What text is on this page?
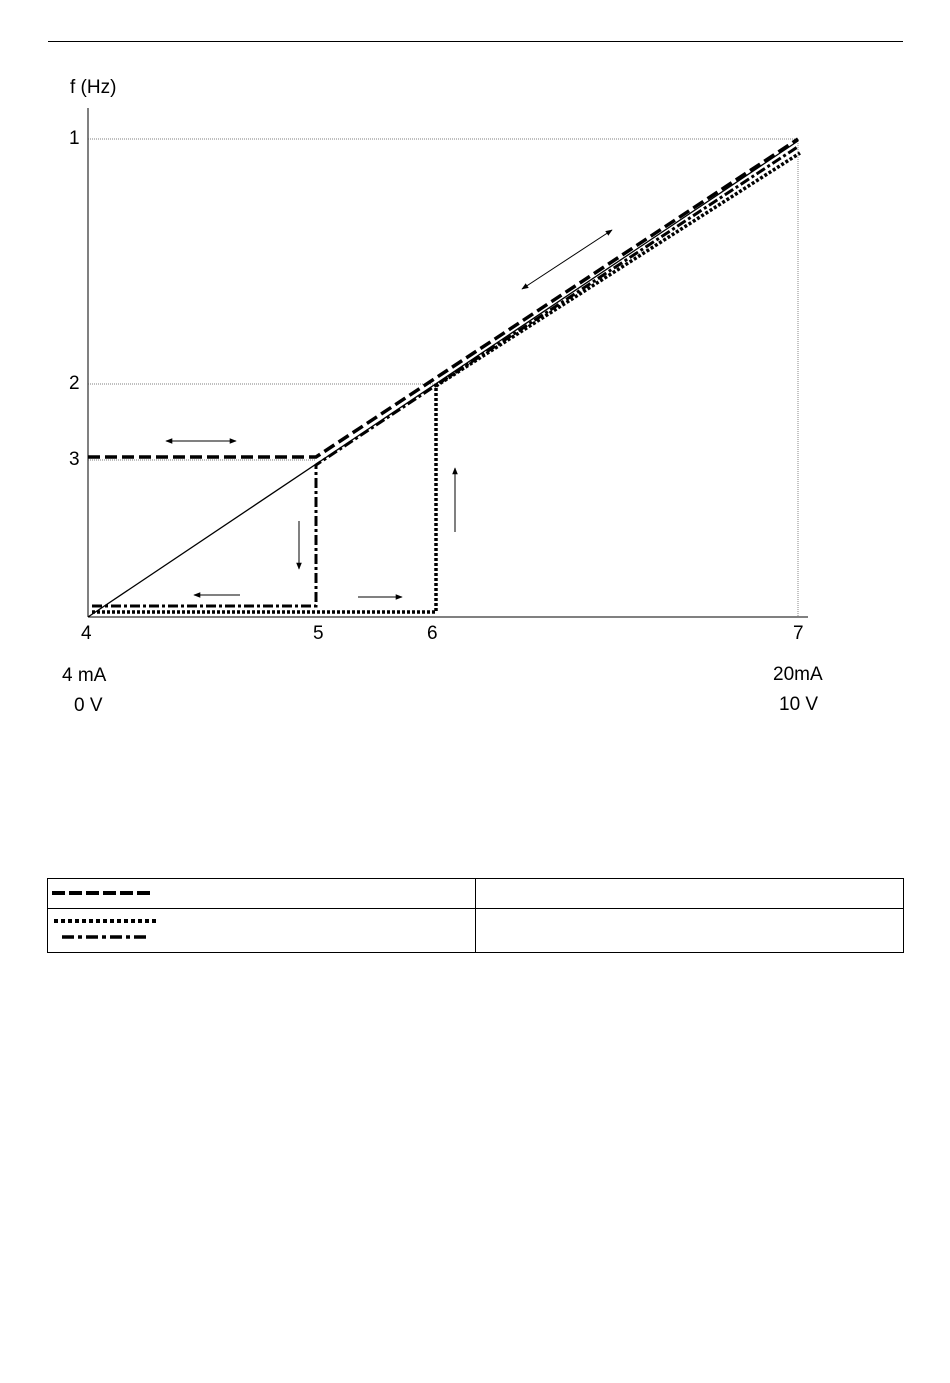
f (Hz)
1
2
3
4	5	6	7
4 mA
0 V
20mA
10 V
